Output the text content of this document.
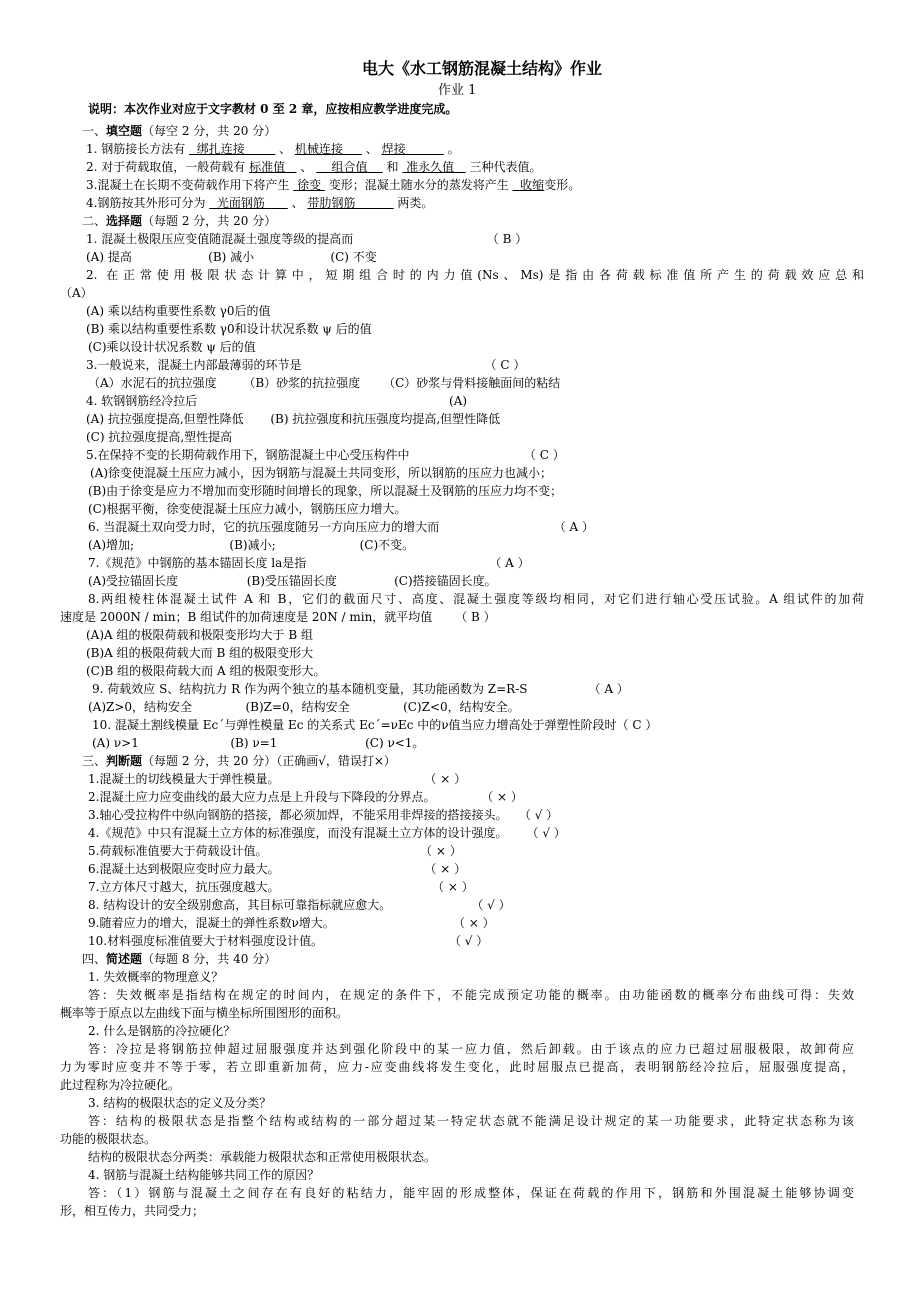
电大《水工钢筋混凝土结构》作业
作业 1
说明：本次作业对应于文字教材 0 至 2 章，应按相应教学进度完成。
一、填空题（每空 2 分，共 20 分）
1. 钢筋接长方法有   绑扎连接         、 机械连接      、 焊接           。
2. 对于荷载取值，一般荷载有 标准值    、     组合值     和  准永久值    三种代表值。
3.混凝土在长期不变荷载作用下将产生  徐变  变形；混凝土随水分的蒸发将产生   收缩变形。
4.钢筋按其外形可分为   光面钢筋       、 带肋钢筋           两类。
二、选择题（每题 2 分，共 20 分）
1. 混凝土极限压应变值随混凝土强度等级的提高而                                   （ B ）
(A) 提高                    (B) 减小                    (C) 不变
2. 在正常使用极限状态计算中，短期组合时的内力值(Ns、Ms)是指由各荷载标准值所产生的荷载效应总和
（A）
(A) 乘以结构重要性系数 γ0后的值
(B) 乘以结构重要性系数 γ0和设计状况系数 ψ 后的值
(C)乘以设计状况系数 ψ 后的值
3.一般说来，混凝土内部最薄弱的环节是                                                （ C ）
（A）水泥石的抗拉强度       （B）砂浆的抗拉强度      （C）砂浆与骨料接触面间的粘结
4. 软钢钢筋经冷拉后                                                                  (A)
(A) 抗拉强度提高,但塑性降低       (B) 抗拉强度和抗压强度均提高,但塑性降低
(C) 抗拉强度提高,塑性提高
5.在保持不变的长期荷载作用下，钢筋混凝土中心受压构件中                              （ C ）
(A)徐变使混凝土压应力减小，因为钢筋与混凝土共同变形，所以钢筋的压应力也减小；
(B)由于徐变是应力不增加而变形随时间增长的现象，所以混凝土及钢筋的压应力均不变；
(C)根据平衡，徐变使混凝土压应力减小，钢筋压应力增大。
6. 当混凝土双向受力时，它的抗压强度随另一方向压应力的增大而                              （ A ）
(A)增加;                         (B)减小;                      (C)不变。
7.《规范》中钢筋的基本锚固长度 la是指                                                （ A ）
(A)受拉锚固长度                  (B)受压锚固长度               (C)搭接锚固长度。
8.两组棱柱体混凝土试件 A 和 B，它们的截面尺寸、高度、混凝土强度等级均相同，对它们进行轴心受压试验。A 组试件的加荷
速度是 2000N / min；B 组试件的加荷速度是 20N / min，就平均值      （ B ）
(A)A 组的极限荷载和极限变形均大于 B 组
(B)A 组的极限荷载大而 B 组的极限变形大
(C)B 组的极限荷载大而 A 组的极限变形大。
9. 荷载效应 S、结构抗力 R 作为两个独立的基本随机变量，其功能函数为 Z=R-S                （ A ）
(A)Z>0，结构安全              (B)Z=0，结构安全              (C)Z<0，结构安全。
10. 混凝土割线模量 Ec´与弹性模量 Ec 的关系式 Ec´=νEc 中的ν值当应力增高处于弹塑性阶段时（ C ）
(A) ν>1                        (B) ν=1                       (C) ν<1。
三、判断题（每题 2 分，共 20 分）（正确画√，错误打×）
1.混凝土的切线模量大于弹性模量。                                      （ × ）
2.混凝土应力应变曲线的最大应力点是上升段与下降段的分界点。            （ × ）
3.轴心受拉构件中纵向钢筋的搭接，都必须加焊，不能采用非焊接的搭接接头。   （ √ ）
4.《规范》中只有混凝土立方体的标准强度，而没有混凝土立方体的设计强度。     （ √ ）
5.荷载标准值要大于荷载设计值。                                        （ × ）
6.混凝土达到极限应变时应力最大。                                      （ × ）
7.立方体尺寸越大，抗压强度越大。                                        （ × ）
8. 结构设计的安全级别愈高，其目标可靠指标就应愈大。                     （ √ ）
9.随着应力的增大，混凝土的弹性系数ν增大。                               （ × ）
10.材料强度标准值要大于材料强度设计值。                                 （ √ ）
四、简述题（每题 8 分，共 40 分）
1. 失效概率的物理意义？
答：失效概率是指结构在规定的时间内，在规定的条件下，不能完成预定功能的概率。由功能函数的概率分布曲线可得：失效
概率等于原点以左曲线下面与横坐标所围图形的面积。
2. 什么是钢筋的冷拉硬化？
答：冷拉是将钢筋拉伸超过屈服强度并达到强化阶段中的某一应力值，然后卸载。由于该点的应力已超过屈服极限，故卸荷应
力为零时应变并不等于零，若立即重新加荷，应力-应变曲线将发生变化，此时屈服点已提高，表明钢筋经冷拉后，屈服强度提高，
此过程称为冷拉硬化。
3. 结构的极限状态的定义及分类？
答：结构的极限状态是指整个结构或结构的一部分超过某一特定状态就不能满足设计规定的某一功能要求，此特定状态称为该
功能的极限状态。
结构的极限状态分两类：承载能力极限状态和正常使用极限状态。
4. 钢筋与混凝土结构能够共同工作的原因？
答：（1）钢筋与混凝土之间存在有良好的粘结力，能牢固的形成整体，保证在荷载的作用下，钢筋和外围混凝土能够协调变
形，相互传力，共同受力；
